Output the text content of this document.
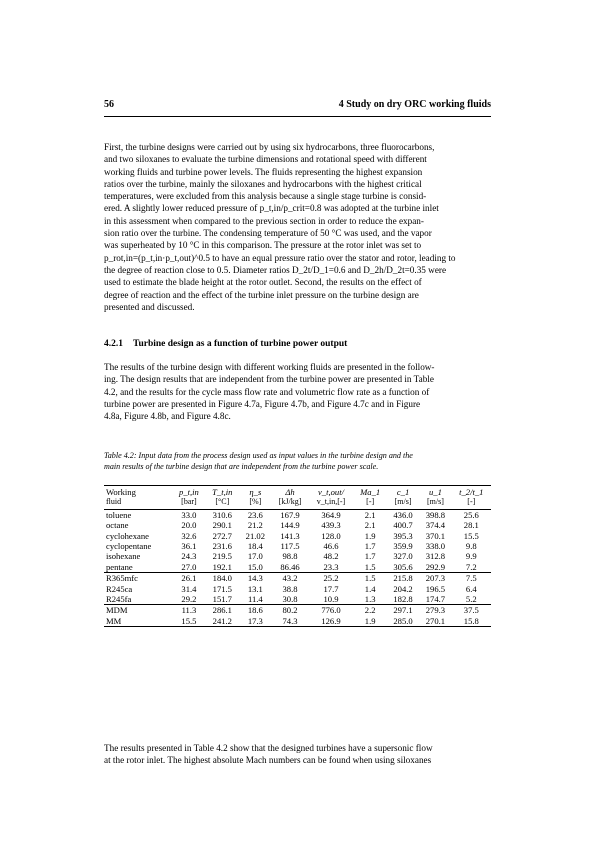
56	4 Study on dry ORC working fluids
First, the turbine designs were carried out by using six hydrocarbons, three fluorocarbons,
and two siloxanes to evaluate the turbine dimensions and rotational speed with different
working fluids and turbine power levels. The fluids representing the highest expansion
ratios over the turbine, mainly the siloxanes and hydrocarbons with the highest critical
temperatures, were excluded from this analysis because a single stage turbine is consid-
ered. A slightly lower reduced pressure of p_t,in/p_crit=0.8 was adopted at the turbine inlet
in this assessment when compared to the previous section in order to reduce the expan-
sion ratio over the turbine. The condensing temperature of 50 °C was used, and the vapor
was superheated by 10 °C in this comparison. The pressure at the rotor inlet was set to
p_rot,in=(p_t,in·p_t,out)^0.5 to have an equal pressure ratio over the stator and rotor, leading to
the degree of reaction close to 0.5. Diameter ratios D_2t/D_1=0.6 and D_2h/D_2t=0.35 were
used to estimate the blade height at the rotor outlet. Second, the results on the effect of
degree of reaction and the effect of the turbine inlet pressure on the turbine design are
presented and discussed.
4.2.1 Turbine design as a function of turbine power output
The results of the turbine design with different working fluids are presented in the follow-
ing. The design results that are independent from the turbine power are presented in Table
4.2, and the results for the cycle mass flow rate and volumetric flow rate as a function of
turbine power are presented in Figure 4.7a, Figure 4.7b, and Figure 4.7c and in Figure
4.8a, Figure 4.8b, and Figure 4.8c.
Table 4.2: Input data from the process design used as input values in the turbine design and the
main results of the turbine design that are independent from the turbine power scale.
Working	p_t,in	T_t,in	η_s	Δh	v_t,out/	Ma_1	c_1	u_1	t_2/t_1
fluid	[bar]	[°C]	[%]	[kJ/kg]	v_t,in,[-]	[-]	[m/s]	[m/s]	[-]
toluene	33.0	310.6	23.6	167.9	364.9	2.1	436.0	398.8	25.6
octane	20.0	290.1	21.2	144.9	439.3	2.1	400.7	374.4	28.1
cyclohexane	32.6	272.7	21.02	141.3	128.0	1.9	395.3	370.1	15.5
cyclopentane	36.1	231.6	18.4	117.5	46.6	1.7	359.9	338.0	9.8
isohexane	24.3	219.5	17.0	98.8	48.2	1.7	327.0	312.8	9.9
pentane	27.0	192.1	15.0	86.46	23.3	1.5	305.6	292.9	7.2
R365mfc	26.1	184.0	14.3	43.2	25.2	1.5	215.8	207.3	7.5
R245ca	31.4	171.5	13.1	38.8	17.7	1.4	204.2	196.5	6.4
R245fa	29.2	151.7	11.4	30.8	10.9	1.3	182.8	174.7	5.2
MDM	11.3	286.1	18.6	80.2	776.0	2.2	297.1	279.3	37.5
MM	15.5	241.2	17.3	74.3	126.9	1.9	285.0	270.1	15.8
The results presented in Table 4.2 show that the designed turbines have a supersonic flow
at the rotor inlet. The highest absolute Mach numbers can be found when using siloxanes
